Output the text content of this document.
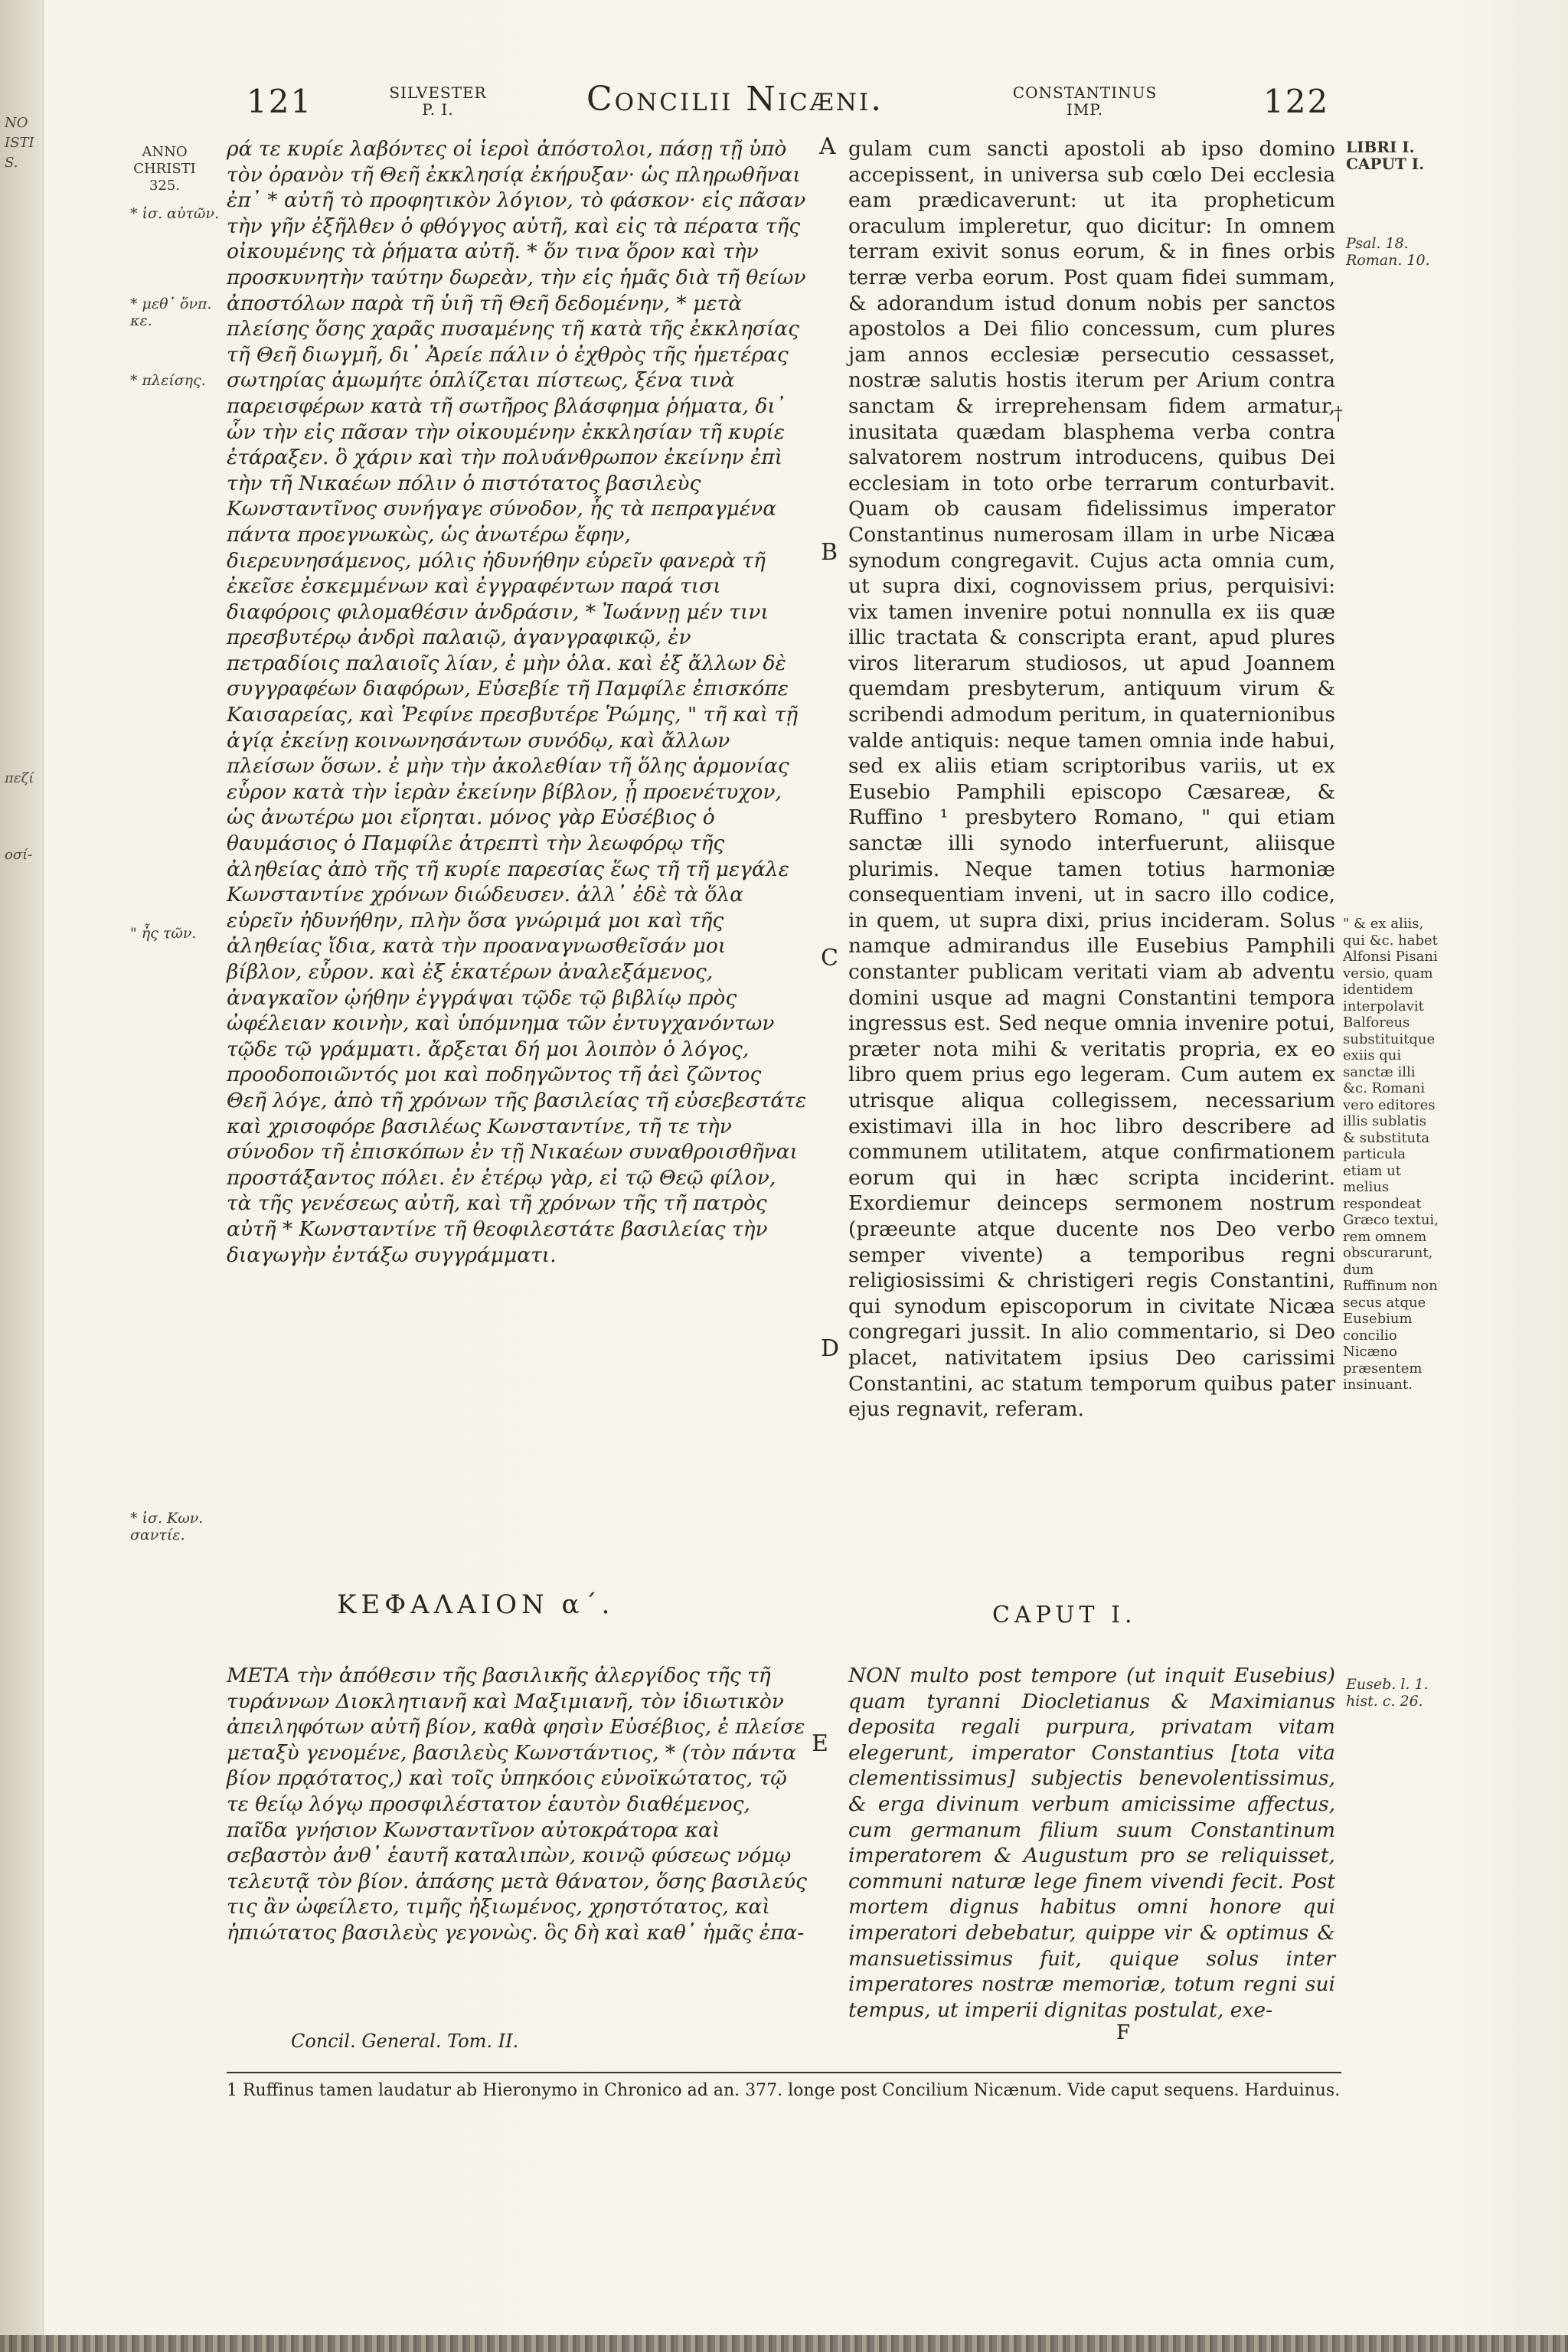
NO
ISTI
S.
πεζί
οσί-
121	SILVESTER
P. I.	Concilii Nicæni.	CONSTANTINUS
IMP.	122
ANNO
CHRISTI
325.
* ἱσ. αὐτῶν.
* μεθ᾽ ὅνπ. κε.
* πλείσης.
" ἦς τῶν.
* ἱσ. Κων. σαντίε.

ρά τε κυρίε λαβόντες οἱ ἱεροὶ ἀπόστολοι, πάσῃ τῇ ὑπὸ τὸν ὀρανὸν τῆ Θεῆ ἐκκλησίᾳ ἐκήρυξαν· ὡς πληρωθῆναι ἐπ᾽ * αὐτῆ τὸ προφητικὸν λόγιον, τὸ φάσκον· εἰς πᾶσαν τὴν γῆν ἐξῆλθεν ὁ φθόγγος αὐτῆ, καὶ εἰς τὰ πέρατα τῆς οἰκουμένης τὰ ῥήματα αὐτῆ. * ὅν τινα ὅρον καὶ τὴν προσκυνητὴν ταύτην δωρεὰν, τὴν εἰς ἡμᾶς διὰ τῆ θείων ἀποστόλων παρὰ τῆ ὑιῆ τῆ Θεῆ δεδομένην, * μετὰ πλείσης ὅσης χαρᾶς πυσαμένης τῆ κατὰ τῆς ἐκκλησίας τῆ Θεῆ διωγμῆ, δι᾽ Ἀρείε πάλιν ὁ ἐχθρὸς τῆς ἡμετέρας σωτηρίας ἀμωμήτε ὁπλίζεται πίστεως, ξένα τινὰ παρεισφέρων κατὰ τῆ σωτῆρος βλάσφημα ῥήματα, δι᾽ ὧν τὴν εἰς πᾶσαν τὴν οἰκουμένην ἐκκλησίαν τῆ κυρίε ἐτάραξεν. ὃ χάριν καὶ τὴν πολυάνθρωπον ἐκείνην ἐπὶ τὴν τῆ Νικαέων πόλιν ὁ πιστότατος βασιλεὺς Κωνσταντῖνος συνήγαγε σύνοδον, ἧς τὰ πεπραγμένα πάντα προεγνωκὼς, ὡς ἀνωτέρω ἔφην, διερευνησάμενος, μόλις ἠδυνήθην εὑρεῖν φανερὰ τῆ ἐκεῖσε ἐσκεμμένων καὶ ἐγγραφέντων παρά τισι διαφόροις φιλομαθέσιν ἀνδράσιν, * Ἰωάννῃ μέν τινι πρεσβυτέρῳ ἀνδρὶ παλαιῷ, ἀγανγραφικῷ, ἐν πετραδίοις παλαιοῖς λίαν, ἐ μὴν ὁλα. καὶ ἐξ ἄλλων δὲ συγγραφέων διαφόρων, Εὐσεβίε τῆ Παμφίλε ἐπισκόπε Καισαρείας, καὶ Ῥεφίνε πρεσβυτέρε Ῥώμης, " τῆ καὶ τῇ ἁγίᾳ ἐκείνῃ κοινωνησάντων συνόδῳ, καὶ ἄλλων πλείσων ὅσων. ἐ μὴν τὴν ἀκολεθίαν τῆ ὅλης ἁρμονίας εὗρον κατὰ τὴν ἱερὰν ἐκείνην βίβλον, ᾗ προενέτυχον, ὡς ἀνωτέρω μοι εἴρηται. μόνος γὰρ Εὐσέβιος ὁ θαυμάσιος ὁ Παμφίλε ἀτρεπτὶ τὴν λεωφόρῳ τῆς ἀληθείας ἀπὸ τῆς τῆ κυρίε παρεσίας ἕως τῆ τῆ μεγάλε Κωνσταντίνε χρόνων διώδευσεν. ἀλλ᾽ ἐδὲ τὰ ὅλα εὑρεῖν ἠδυνήθην, πλὴν ὅσα γνώριμά μοι καὶ τῆς ἀληθείας ἴδια, κατὰ τὴν προαναγνωσθεῖσάν μοι βίβλον, εὗρον. καὶ ἐξ ἑκατέρων ἀναλεξάμενος, ἀναγκαῖον ᾠήθην ἐγγράψαι τῷδε τῷ βιβλίῳ πρὸς ὠφέλειαν κοινὴν, καὶ ὑπόμνημα τῶν ἐντυγχανόντων τῷδε τῷ γράμματι. ἄρξεται δή μοι λοιπὸν ὁ λόγος, προοδοποιῶντός μοι καὶ ποδηγῶντος τῆ ἀεὶ ζῶντος Θεῆ λόγε, ἀπὸ τῆ χρόνων τῆς βασιλείας τῆ εὐσεβεστάτε καὶ χρισοφόρε βασιλέως Κωνσταντίνε, τῆ τε τὴν σύνοδον τῆ ἐπισκόπων ἐν τῇ Νικαέων συναθροισθῆναι προστάξαντος πόλει. ἐν ἑτέρῳ γὰρ, εἰ τῷ Θεῷ φίλον, τὰ τῆς γενέσεως αὐτῆ, καὶ τῆ χρόνων τῆς τῆ πατρὸς αὐτῆ * Κωνσταντίνε τῆ θεοφιλεστάτε βασιλείας τὴν διαγωγὴν ἐντάξω συγγράμματι.

gulam cum sancti apostoli ab ipso domino accepissent, in universa sub cœlo Dei ecclesia eam prædicaverunt: ut ita propheticum oraculum impleretur, quo dicitur: In omnem terram exivit sonus eorum, & in fines orbis terræ verba eorum. Post quam fidei summam, & adorandum istud donum nobis per sanctos apostolos a Dei filio concessum, cum plures jam annos ecclesiæ persecutio cessasset, nostræ salutis hostis iterum per Arium contra sanctam & irreprehensam fidem armatur, inusitata quædam blasphema verba contra salvatorem nostrum introducens, quibus Dei ecclesiam in toto orbe terrarum conturbavit. Quam ob causam fidelissimus imperator Constantinus numerosam illam in urbe Nicæa synodum congregavit. Cujus acta omnia cum, ut supra dixi, cognovissem prius, perquisivi: vix tamen invenire potui nonnulla ex iis quæ illic tractata & conscripta erant, apud plures viros literarum studiosos, ut apud Joannem quemdam presbyterum, antiquum virum & scribendi admodum peritum, in quaternionibus valde antiquis: neque tamen omnia inde habui, sed ex aliis etiam scriptoribus variis, ut ex Eusebio Pamphili episcopo Cæsareæ, & Ruffino ¹ presbytero Romano, " qui etiam sanctæ illi synodo interfuerunt, aliisque plurimis. Neque tamen totius harmoniæ consequentiam inveni, ut in sacro illo codice, in quem, ut supra dixi, prius incideram. Solus namque admirandus ille Eusebius Pamphili constanter publicam veritati viam ab adventu domini usque ad magni Constantini tempora ingressus est. Sed neque omnia invenire potui, præter nota mihi & veritatis propria, ex eo libro quem prius ego legeram. Cum autem ex utrisque aliqua collegissem, necessarium existimavi illa in hoc libro describere ad communem utilitatem, atque confirmationem eorum qui in hæc scripta inciderint. Exordiemur deinceps sermonem nostrum (præeunte atque ducente nos Deo verbo semper vivente) a temporibus regni religiosissimi & christigeri regis Constantini, qui synodum episcoporum in civitate Nicæa congregari jussit. In alio commentario, si Deo placet, nativitatem ipsius Deo carissimi Constantini, ac statum temporum quibus pater ejus regnavit, referam.

A
B
C
D
E
F
LIBRI I.
CAPUT I.
Psal. 18.
Roman. 10.
†
" & ex aliis, qui &c. habet Alfonsi Pisani versio, quam identidem interpolavit Balforeus substituitque exiis qui sanctæ illi &c. Romani vero editores illis sublatis & substituta particula etiam ut melius respondeat Græco textui, rem omnem obscurarunt, dum Ruffinum non secus atque Eusebium concilio Nicæno præsentem insinuant.
Euseb. l. 1.
hist. c. 26.
ΚΕΦΑΛΑΙΟΝ α΄.	CAPUT I.

ΜΕΤΑ τὴν ἀπόθεσιν τῆς βασιλικῆς ἀλεργίδος τῆς τῆ τυράννων Διοκλητιανῆ καὶ Μαξιμιανῆ, τὸν ἰδιωτικὸν ἀπειληφότων αὐτῆ βίον, καθὰ φησὶν Εὐσέβιος, ἐ πλείσε μεταξὺ γενομένε, βασιλεὺς Κωνστάντιος, * (τὸν πάντα βίον πρᾳότατος,) καὶ τοῖς ὑπηκόοις εὐνοϊκώτατος, τῷ τε θείῳ λόγῳ προσφιλέστατον ἑαυτὸν διαθέμενος, παῖδα γνήσιον Κωνσταντῖνον αὐτοκράτορα καὶ σεβαστὸν ἀνθ᾽ ἑαυτῆ καταλιπὼν, κοινῷ φύσεως νόμῳ τελευτᾷ τὸν βίον. ἀπάσης μετὰ θάνατον, ὅσης βασιλεύς τις ἂν ὠφείλετο, τιμῆς ἠξιωμένος, χρηστότατος, καὶ ἠπιώτατος βασιλεὺς γεγονὼς. ὃς δὴ καὶ καθ᾽ ἡμᾶς ἐπα-

NON multo post tempore (ut inquit Eusebius) quam tyranni Diocletianus & Maximianus deposita regali purpura, privatam vitam elegerunt, imperator Constantius [tota vita clementissimus] subjectis benevolentissimus, & erga divinum verbum amicissime affectus, cum germanum filium suum Constantinum imperatorem & Augustum pro se reliquisset, communi naturæ lege finem vivendi fecit. Post mortem dignus habitus omni honore qui imperatori debebatur, quippe vir & optimus & mansuetissimus fuit, quique solus inter imperatores nostræ memoriæ, totum regni sui tempus, ut imperii dignitas postulat, exe-

Concil. General. Tom. II.
1 Ruffinus tamen laudatur ab Hieronymo in Chronico ad an. 377. longe post Concilium Nicænum. Vide caput sequens. Harduinus.
